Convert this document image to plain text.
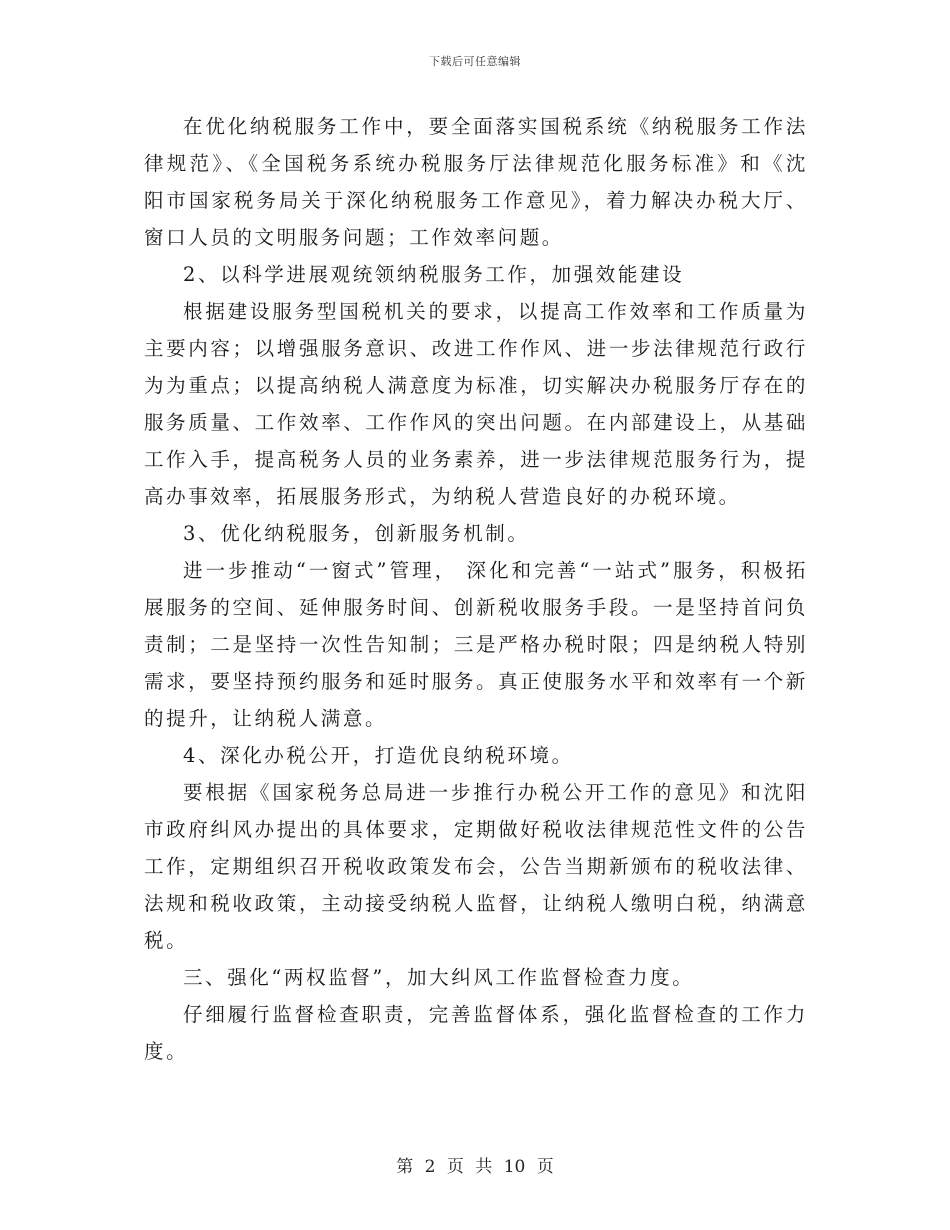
下载后可任意编辑

在优化纳税服务工作中，要全面落实国税系统《纳税服务工作法律规范》、《全国税务系统办税服务厅法律规范化服务标准》和《沈阳市国家税务局关于深化纳税服务工作意见》，着力解决办税大厅、窗口人员的文明服务问题；工作效率问题。

2、以科学进展观统领纳税服务工作，加强效能建设

根据建设服务型国税机关的要求，以提高工作效率和工作质量为主要内容；以增强服务意识、改进工作作风、进一步法律规范行政行为为重点；以提高纳税人满意度为标准，切实解决办税服务厅存在的服务质量、工作效率、工作作风的突出问题。在内部建设上，从基础工作入手，提高税务人员的业务素养，进一步法律规范服务行为，提高办事效率，拓展服务形式，为纳税人营造良好的办税环境。

3、优化纳税服务，创新服务机制。

进一步推动“一窗式”管理， 深化和完善“一站式”服务，积极拓展服务的空间、延伸服务时间、创新税收服务手段。一是坚持首问负责制；二是坚持一次性告知制；三是严格办税时限；四是纳税人特别需求，要坚持预约服务和延时服务。真正使服务水平和效率有一个新的提升，让纳税人满意。

4、深化办税公开，打造优良纳税环境。

要根据《国家税务总局进一步推行办税公开工作的意见》和沈阳市政府纠风办提出的具体要求，定期做好税收法律规范性文件的公告工作，定期组织召开税收政策发布会，公告当期新颁布的税收法律、法规和税收政策，主动接受纳税人监督，让纳税人缴明白税，纳满意税。

三、强化“两权监督”，加大纠风工作监督检查力度。

仔细履行监督检查职责，完善监督体系，强化监督检查的工作力度。

第 2 页 共 10 页
